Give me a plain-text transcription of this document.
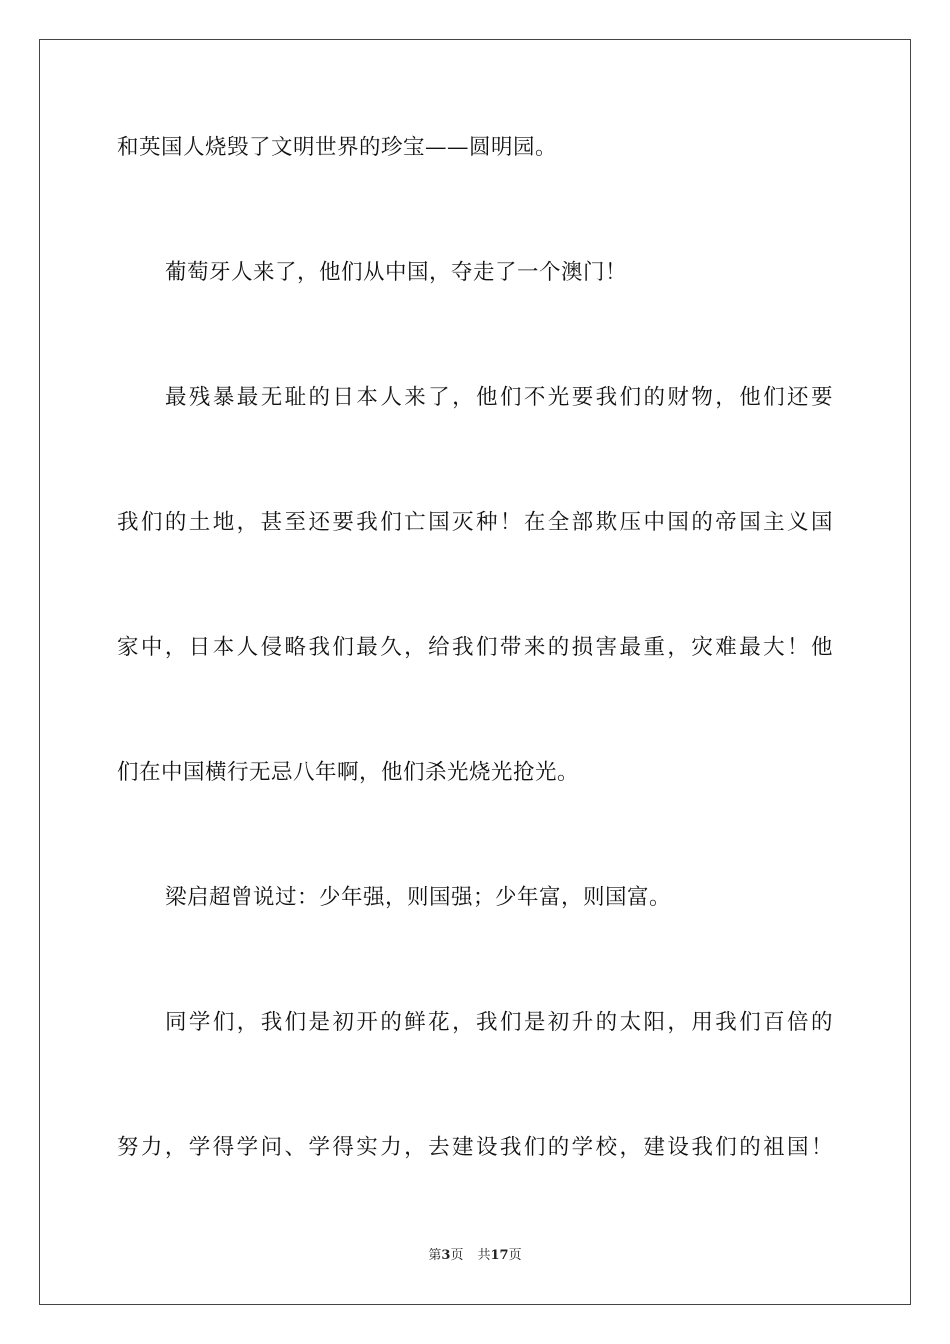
和英国人烧毁了文明世界的珍宝——圆明园。

葡萄牙人来了，他们从中国，夺走了一个澳门！

最残暴最无耻的日本人来了，他们不光要我们的财物，他们还要

我们的土地，甚至还要我们亡国灭种！在全部欺压中国的帝国主义国

家中，日本人侵略我们最久，给我们带来的损害最重，灾难最大！他

们在中国横行无忌八年啊，他们杀光烧光抢光。

梁启超曾说过：少年强，则国强；少年富，则国富。

同学们，我们是初开的鲜花，我们是初升的太阳，用我们百倍的

努力，学得学问、学得实力，去建设我们的学校，建设我们的祖国！

第3页 共17页
